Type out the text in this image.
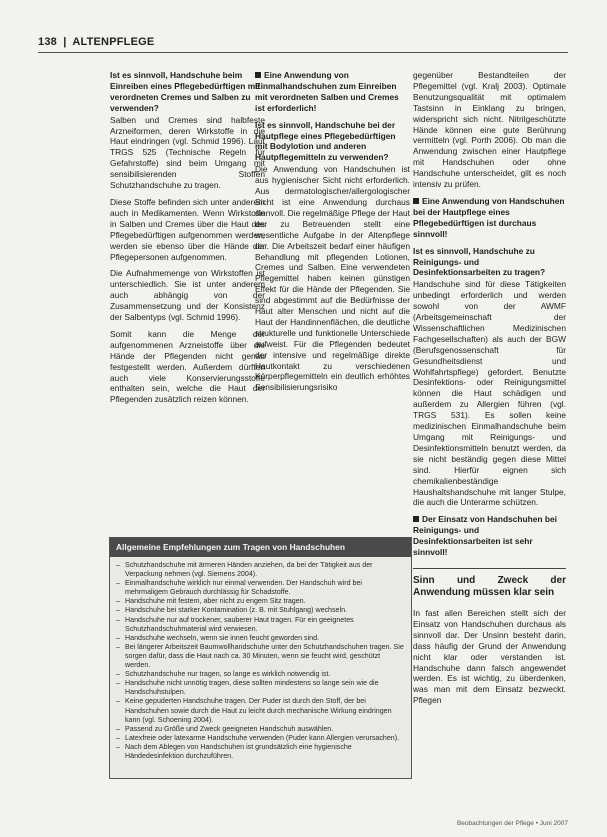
138 | ALTENPFLEGE

Ist es sinnvoll, Handschuhe beim Einreiben eines Pflegebedürftigen mit verordneten Cremes und Salben zu verwenden?
Salben und Cremes sind halbfeste Arzneiformen, deren Wirkstoffe in die Haut eindringen (vgl. Schmid 1996). Laut TRGS 525 (Technische Regeln für Gefahrstoffe) sind beim Umgang mit sensibilisierenden Stoffen Schutzhandschuhe zu tragen.

Diese Stoffe befinden sich unter anderem auch in Medikamenten. Wenn Wirkstoffe in Salben und Cremes über die Haut des Pflegebedürftigen aufgenommen werden, werden sie ebenso über die Hände der Pflegepersonen aufgenommen.

Die Aufnahmemenge von Wirkstoffen ist unterschiedlich. Sie ist unter anderem auch abhängig von der Zusammensetzung und der Konsistenz der Salbentyps (vgl. Schmid 1996).

Somit kann die Menge der aufgenommenen Arzneistoffe über die Hände der Pflegenden nicht genau festgestellt werden. Außerdem dürften auch viele Konservierungsstoffe enthalten sein, welche die Haut der Pflegenden zusätzlich reizen können.

Eine Anwendung von Einmalhandschuhen zum Einreiben mit verordneten Salben und Cremes ist erforderlich!

Ist es sinnvoll, Handschuhe bei der Hautpflege eines Pflegebedürftigen mit Bodylotion und anderen Hautpflegemitteln zu verwenden?
Die Anwendung von Handschuhen ist aus hygienischer Sicht nicht erforderlich. Aus dermatologischer/allergologischer Sicht ist eine Anwendung durchaus sinnvoll. Die regelmäßige Pflege der Haut der zu Betreuenden stellt eine wesentliche Aufgabe in der Altenpflege dar. Die Arbeitszeit bedarf einer häufigen Behandlung mit pflegenden Lotionen, Cremes und Salben. Eine verwendeten Pflegemittel haben keinen günstigen Effekt für die Hände der Pflegenden. Sie sind abgestimmt auf die Bedürfnisse der Haut alter Menschen und nicht auf die Haut der Handinnenflächen, die deutliche strukturelle und funktionelle Unterschiede aufweist. Für die Pflegenden bedeutet der intensive und regelmäßige direkte Hautkontakt zu verschiedenen Körperpflegemitteln ein deutlich erhöhtes Sensibilisierungsrisiko

gegenüber Bestandteilen der Pflegemittel (vgl. Kralj 2003). Optimale Benutzungsqualität mit optimalem Tastsinn in Einklang zu bringen, widerspricht sich nicht. Nitrilgeschützte Hände können eine gute Berührung vermitteln (vgl. Porth 2006). Ob man die Anwendung zwischen einer Hautpflege mit Handschuhen oder ohne Handschuhe unterscheidet, gilt es noch intensiv zu prüfen.

Eine Anwendung von Handschuhen bei der Hautpflege eines Pflegebedürftigen ist durchaus sinnvoll!

Ist es sinnvoll, Handschuhe zu Reinigungs- und Desinfektionsarbeiten zu tragen?
Handschuhe sind für diese Tätigkeiten unbedingt erforderlich und werden sowohl von der AWMF (Arbeitsgemeinschaft der Wissenschaftlichen Medizinischen Fachgesellschaften) als auch der BGW (Berufsgenossenschaft für Gesundheitsdienst und Wohlfahrtspflege) gefordert. Benutzte Desinfektions- oder Reinigungsmittel können die Haut schädigen und außerdem zu Allergien führen (vgl. TRGS 531). Es sollen keine medizinischen Einmalhandschuhe beim Umgang mit Reinigungs- und Desinfektionsmitteln benutzt werden, da sie nicht beständig gegen diese Mittel sind. Hierfür eignen sich chemikalienbeständige Haushaltshandschuhe mit langer Stulpe, die auch die Unterarme schützen.

Der Einsatz von Handschuhen bei Reinigungs- und Desinfektionsarbeiten ist sehr sinnvoll!

Sinn und Zweck der Anwendung müssen klar sein

In fast allen Bereichen stellt sich der Einsatz von Handschuhen durchaus als sinnvoll dar. Der Unsinn besteht darin, dass häufig der Grund der Anwendung nicht klar oder verstanden ist. Handschuhe dann falsch angewendet werden. Es ist wichtig, zu überdenken, was man mit dem Einsatz bezweckt. Pflegen

Allgemeine Empfehlungen zum Tragen von Handschuhen
– Schutzhandschuhe mit ärmeren Händen anziehen, da bei der Tätigkeit aus der Verpackung nehmen (vgl. Siemens 2004).
– Einmalhandschuhe wirklich nur einmal verwenden. Der Handschuh wird bei mehrmaligem Gebrauch durchlässig für Schadstoffe.
– Handschuhe mit festem, aber nicht zu engem Sitz tragen.
– Handschuhe bei starker Kontamination (z. B. mit Stuhlgang) wechseln.
– Handschuhe nur auf trockener, sauberer Haut tragen. Für ein geeignetes Schutzhandschuhmaterial wird verwiesen.
– Handschuhe wechseln, wenn sie innen feucht geworden sind.
– Bei längerer Arbeitszeit Baumwollhandschuhe unter den Schutzhandschuhen tragen. Sie sorgen dafür, dass die Haut nach ca. 30 Minuten, wenn sie feucht wird, geschützt werden.
– Schutzhandschuhe nur tragen, so lange es wirklich notwendig ist.
– Handschuhe nicht unnötig tragen, diese sollten mindestens so lange sein wie die Handschuhstulpen.
– Keine gepuderten Handschuhe tragen. Der Puder ist durch den Stoff, der bei Handschuhen sowie durch die Haut zu leicht durch mechanische Wirkung eindringen kann (vgl. Schoening 2004).
– Passend zu Größe und Zweck geeigneten Handschuh auswählen.
– Latexfreie oder latexarme Handschuhe verwenden (Puder kann Allergien verursachen).
– Nach dem Ablegen von Handschuhen ist grundsätzlich eine hygienische Händedesinfektion durchzuführen.
Beobachtungen der Pflege • Juni 2007
